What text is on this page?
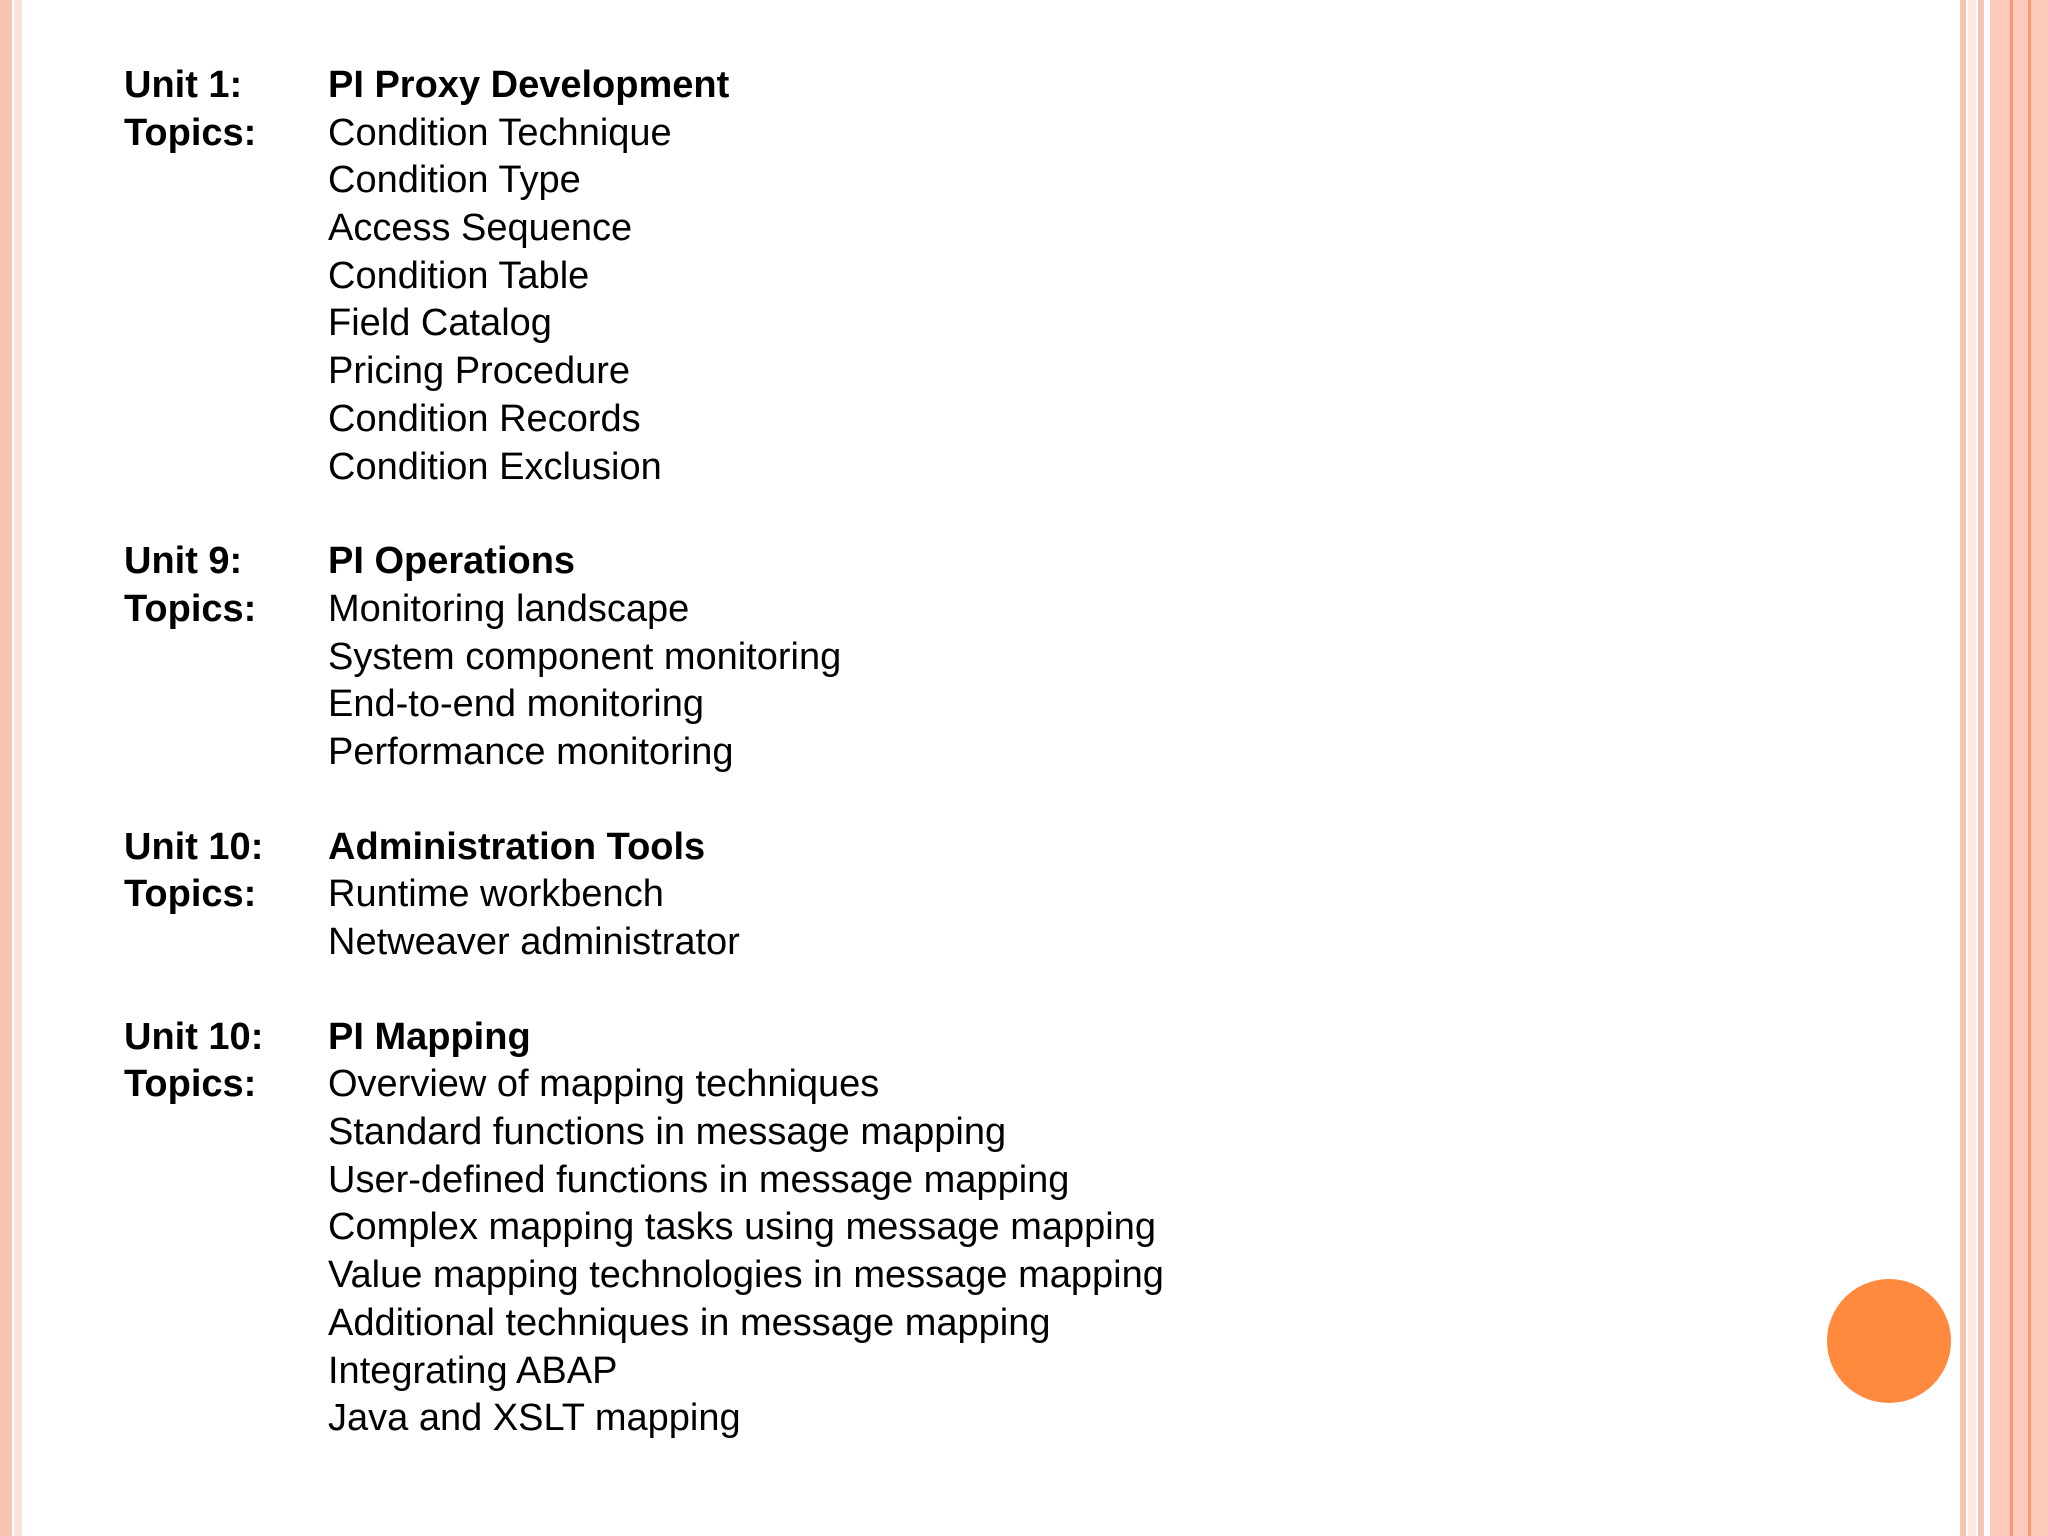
Unit 1:	PI Proxy Development
Topics:	Condition Technique
Condition Type
Access Sequence
Condition Table
Field Catalog
Pricing Procedure
Condition Records
Condition Exclusion
Unit 9:	PI Operations
Topics:	Monitoring landscape
System component monitoring
End-to-end monitoring
Performance monitoring
Unit 10:	Administration Tools
Topics:	Runtime workbench
Netweaver administrator
Unit 10:	PI Mapping
Topics:	Overview of mapping techniques
Standard functions in message mapping
User-defined functions in message mapping
Complex mapping tasks using message mapping
Value mapping technologies in message mapping
Additional techniques in message mapping
Integrating ABAP
Java and XSLT mapping
